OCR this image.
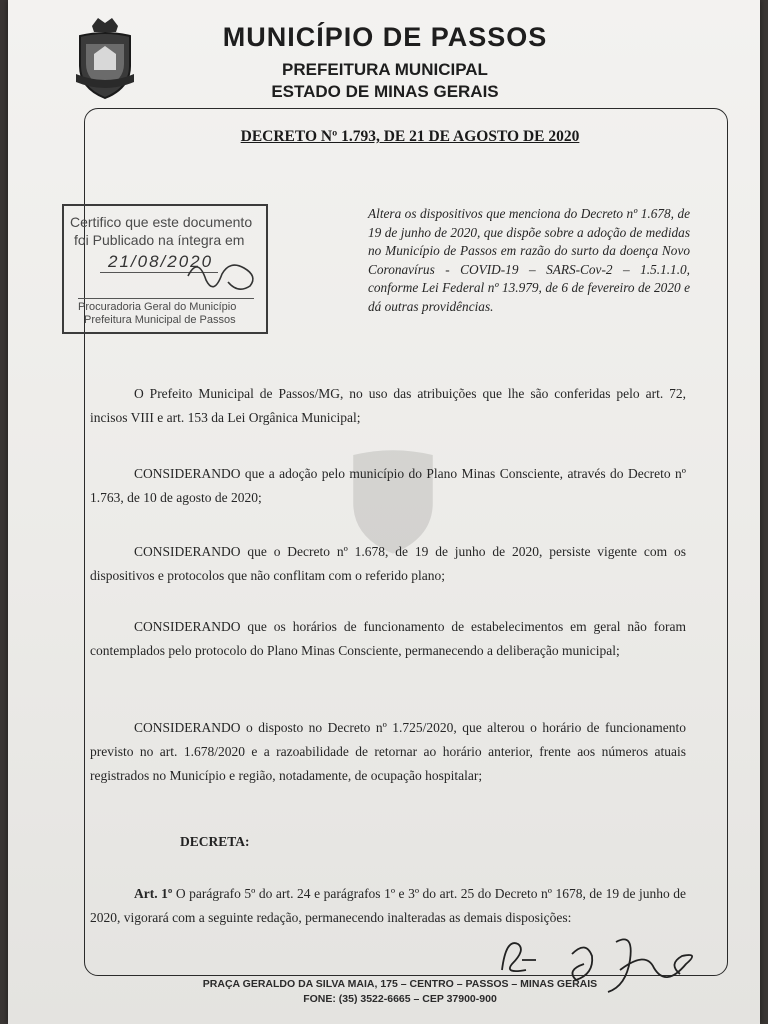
MUNICÍPIO DE PASSOS
PREFEITURA MUNICIPAL
ESTADO DE MINAS GERAIS
DECRETO Nº 1.793, DE 21 DE AGOSTO DE 2020
Certifico que este documento
foi Publicado na íntegra em
21/08/2020
Procuradoria Geral do Município
Prefeitura Municipal de Passos
Altera os dispositivos que menciona do Decreto nº 1.678, de 19 de junho de 2020, que dispõe sobre a adoção de medidas no Município de Passos em razão do surto da doença Novo Coronavírus - COVID-19 – SARS-Cov-2 – 1.5.1.1.0, conforme Lei Federal nº 13.979, de 6 de fevereiro de 2020 e dá outras providências.
O Prefeito Municipal de Passos/MG, no uso das atribuições que lhe são conferidas pelo art. 72, incisos VIII e art. 153 da Lei Orgânica Municipal;
CONSIDERANDO que a adoção pelo município do Plano Minas Consciente, através do Decreto nº 1.763, de 10 de agosto de 2020;
CONSIDERANDO que o Decreto nº 1.678, de 19 de junho de 2020, persiste vigente com os dispositivos e protocolos que não conflitam com o referido plano;
CONSIDERANDO que os horários de funcionamento de estabelecimentos em geral não foram contemplados pelo protocolo do Plano Minas Consciente, permanecendo a deliberação municipal;
CONSIDERANDO o disposto no Decreto nº 1.725/2020, que alterou o horário de funcionamento previsto no art. 1.678/2020 e a razoabilidade de retornar ao horário anterior, frente aos números atuais registrados no Município e região, notadamente, de ocupação hospitalar;
DECRETA:
Art. 1º O parágrafo 5º do art. 24 e parágrafos 1º e 3º do art. 25 do Decreto nº 1678, de 19 de junho de 2020, vigorará com a seguinte redação, permanecendo inalteradas as demais disposições:
PRAÇA GERALDO DA SILVA MAIA, 175 – CENTRO – PASSOS – MINAS GERAIS
FONE: (35) 3522-6665 – CEP 37900-900
